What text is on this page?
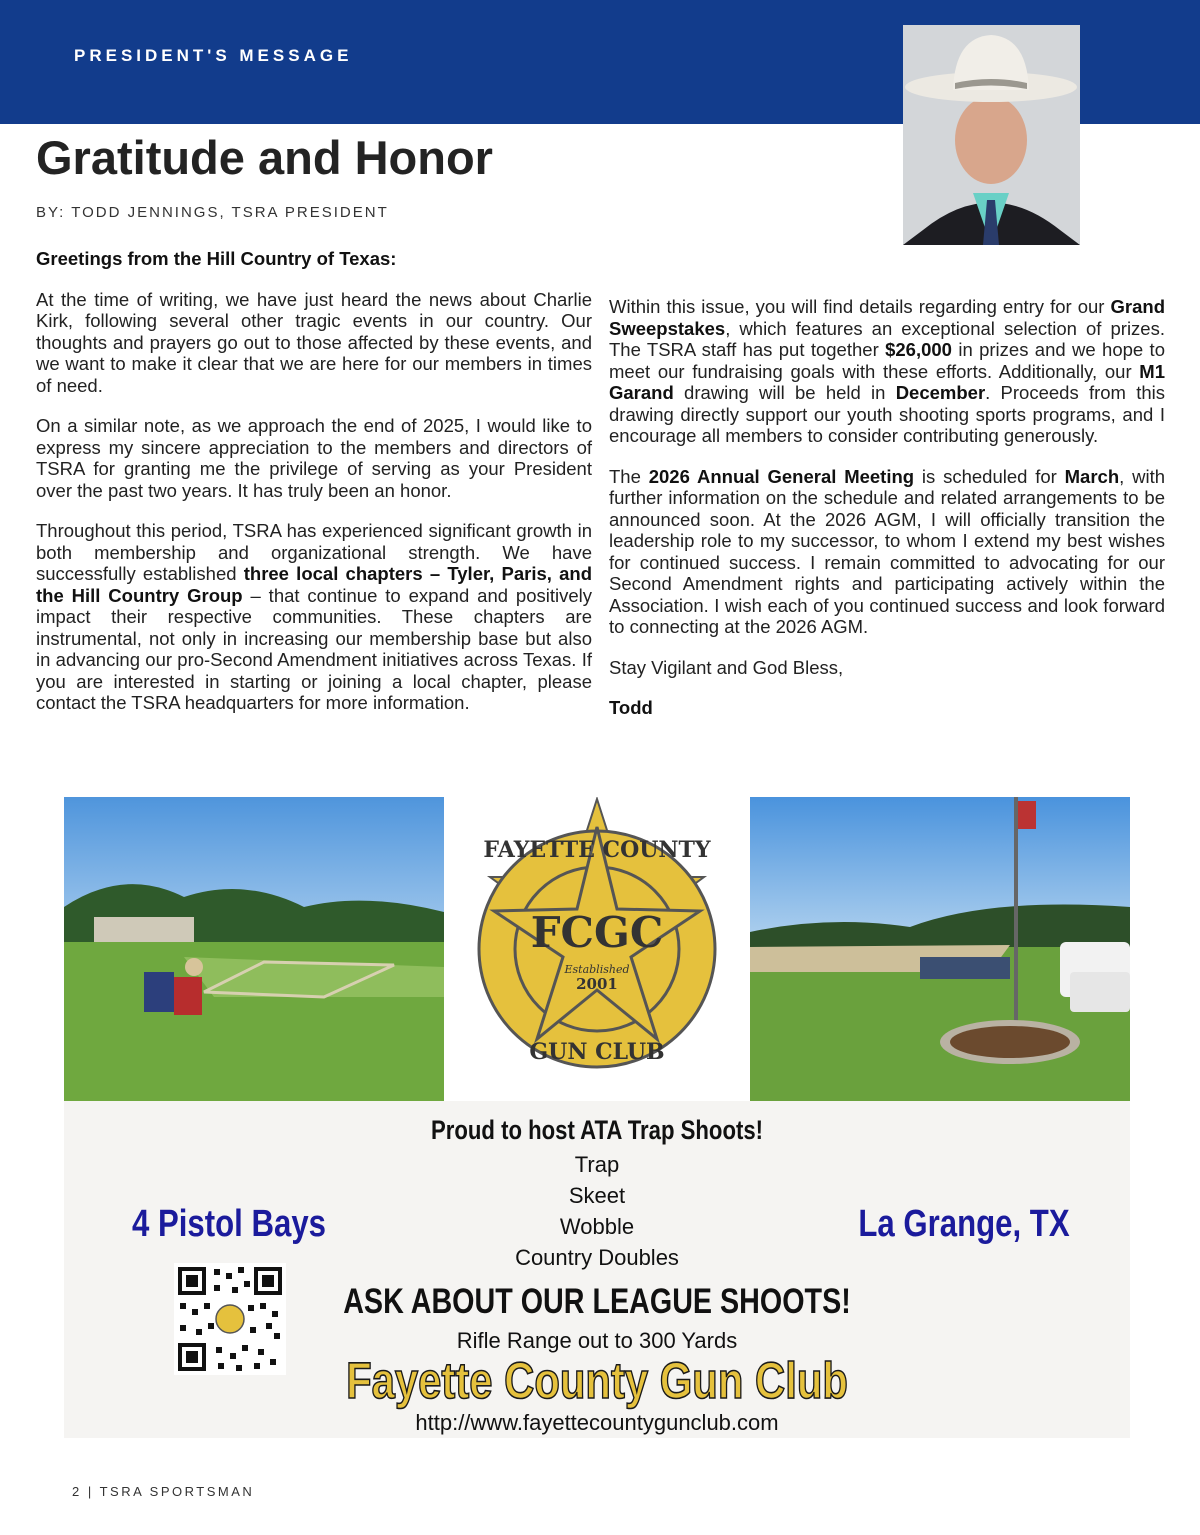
PRESIDENT'S MESSAGE
Gratitude and Honor
BY: TODD JENNINGS, TSRA PRESIDENT

Greetings from the Hill Country of Texas:

At the time of writing, we have just heard the news about Charlie Kirk, following several other tragic events in our country. Our thoughts and prayers go out to those affected by these events, and we want to make it clear that we are here for our members in times of need.

On a similar note, as we approach the end of 2025, I would like to express my sincere appreciation to the members and directors of TSRA for granting me the privilege of serving as your President over the past two years. It has truly been an honor.

Throughout this period, TSRA has experienced significant growth in both membership and organizational strength. We have successfully established three local chapters – Tyler, Paris, and the Hill Country Group – that continue to expand and positively impact their respective communities. These chapters are instrumental, not only in increasing our membership base but also in advancing our pro-Second Amendment initiatives across Texas. If you are interested in starting or joining a local chapter, please contact the TSRA headquarters for more information.

Within this issue, you will find details regarding entry for our Grand Sweepstakes, which features an exceptional selection of prizes. The TSRA staff has put together $26,000 in prizes and we hope to meet our fundraising goals with these efforts. Additionally, our M1 Garand drawing will be held in December. Proceeds from this drawing directly support our youth shooting sports programs, and I encourage all members to consider contributing generously.

The 2026 Annual General Meeting is scheduled for March, with further information on the schedule and related arrangements to be announced soon. At the 2026 AGM, I will officially transition the leadership role to my successor, to whom I extend my best wishes for continued success. I remain committed to advocating for our Second Amendment rights and participating actively within the Association. I wish each of you continued success and look forward to connecting at the 2026 AGM.

Stay Vigilant and God Bless,

Todd

FAYETTE COUNTY
FCGC
Established
2001
GUN CLUB
Proud to host ATA Trap Shoots!
Trap
Skeet
Wobble
Country Doubles
4 Pistol Bays	La Grange, TX
ASK ABOUT OUR LEAGUE SHOOTS!
Rifle Range out to 300 Yards
Fayette County Gun Club
http://www.fayettecountygunclub.com
2 | TSRA SPORTSMAN
